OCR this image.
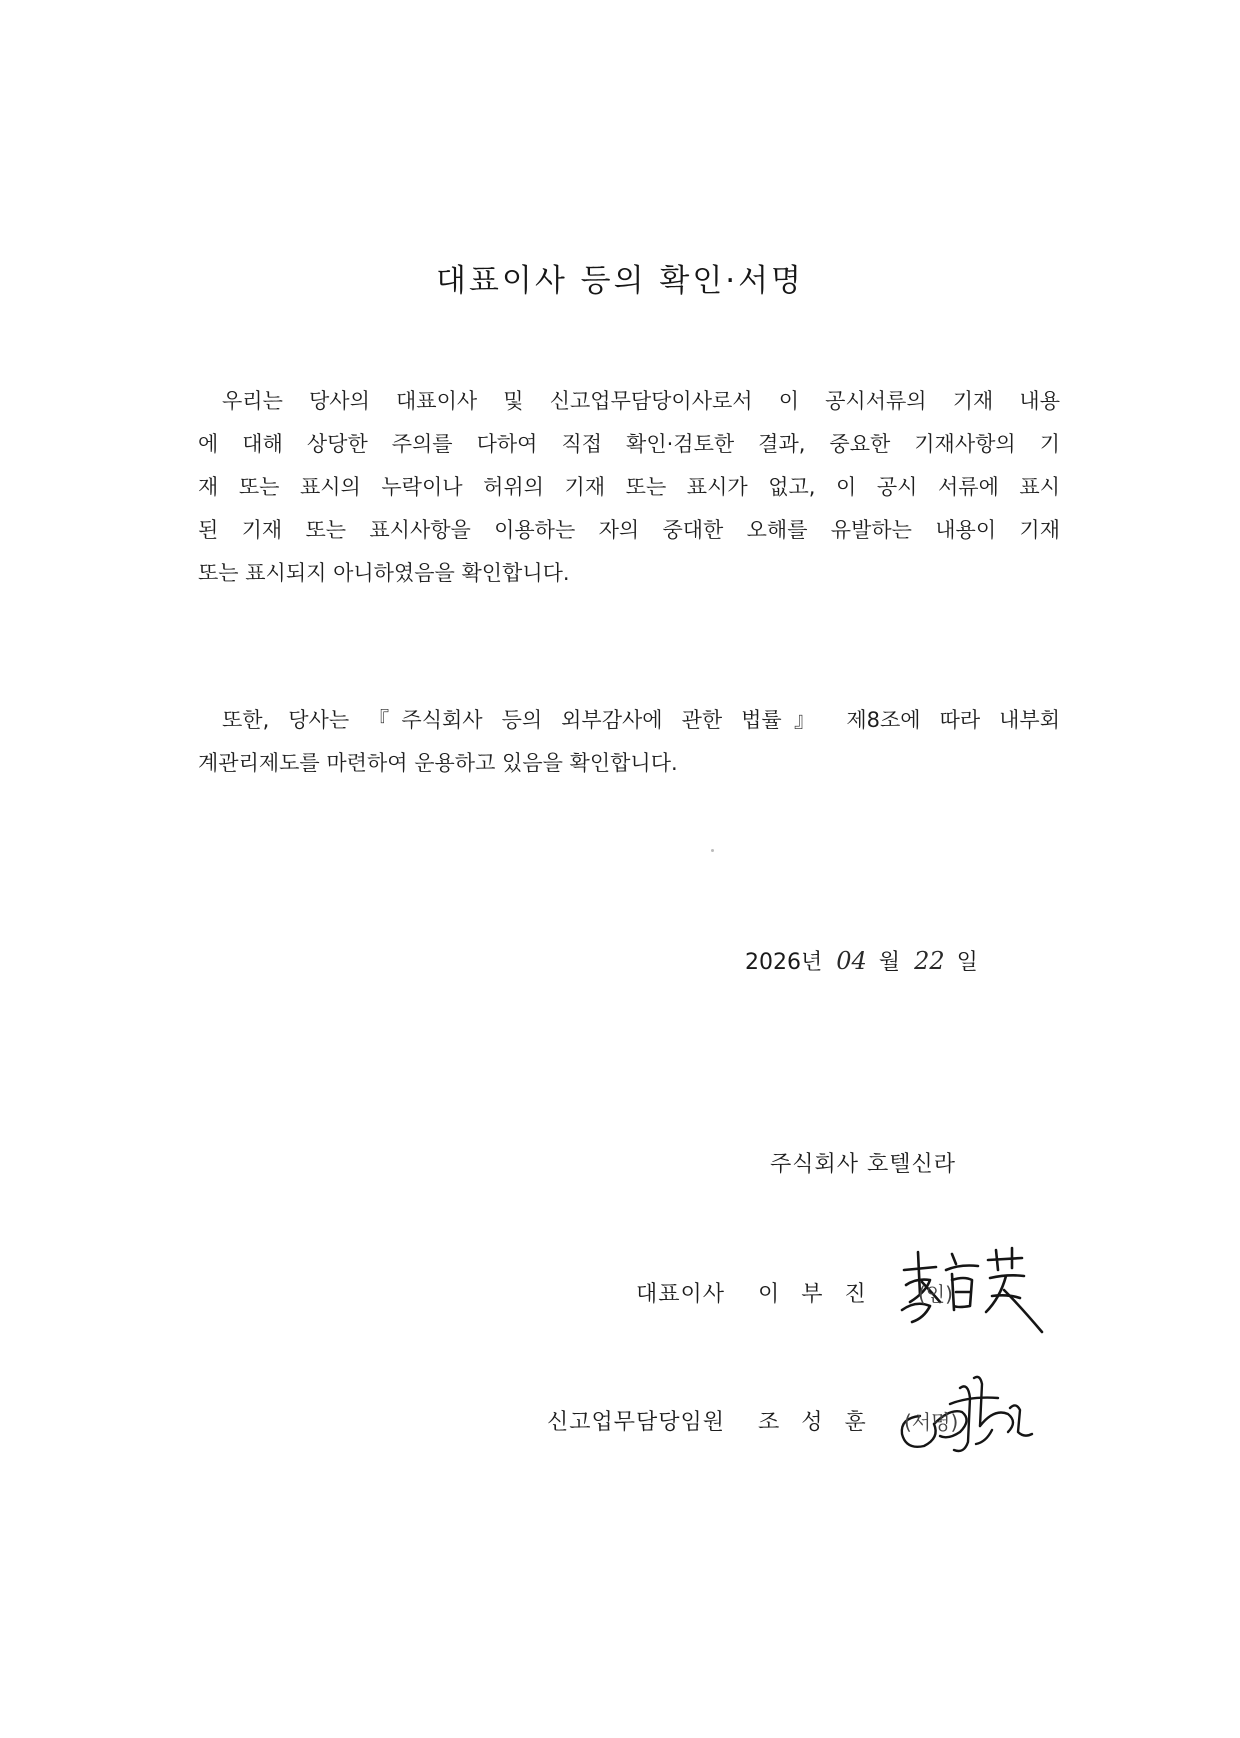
대표이사 등의 확인·서명
우리는 당사의 대표이사 및 신고업무담당이사로서 이 공시서류의 기재 내용
에 대해 상당한 주의를 다하여 직접 확인·검토한 결과, 중요한 기재사항의 기
재 또는 표시의 누락이나 허위의 기재 또는 표시가 없고, 이 공시 서류에 표시
된 기재 또는 표시사항을 이용하는 자의 중대한 오해를 유발하는 내용이 기재
또는 표시되지 아니하였음을 확인합니다.
또한, 당사는 『주식회사 등의 외부감사에 관한 법률』 제8조에 따라 내부회
계관리제도를 마련하여 운용하고 있음을 확인합니다.
2026년 04 월 22 일
주식회사 호텔신라
대표이사 이부진 (인)
신고업무담당임원 조성훈 (서명)
